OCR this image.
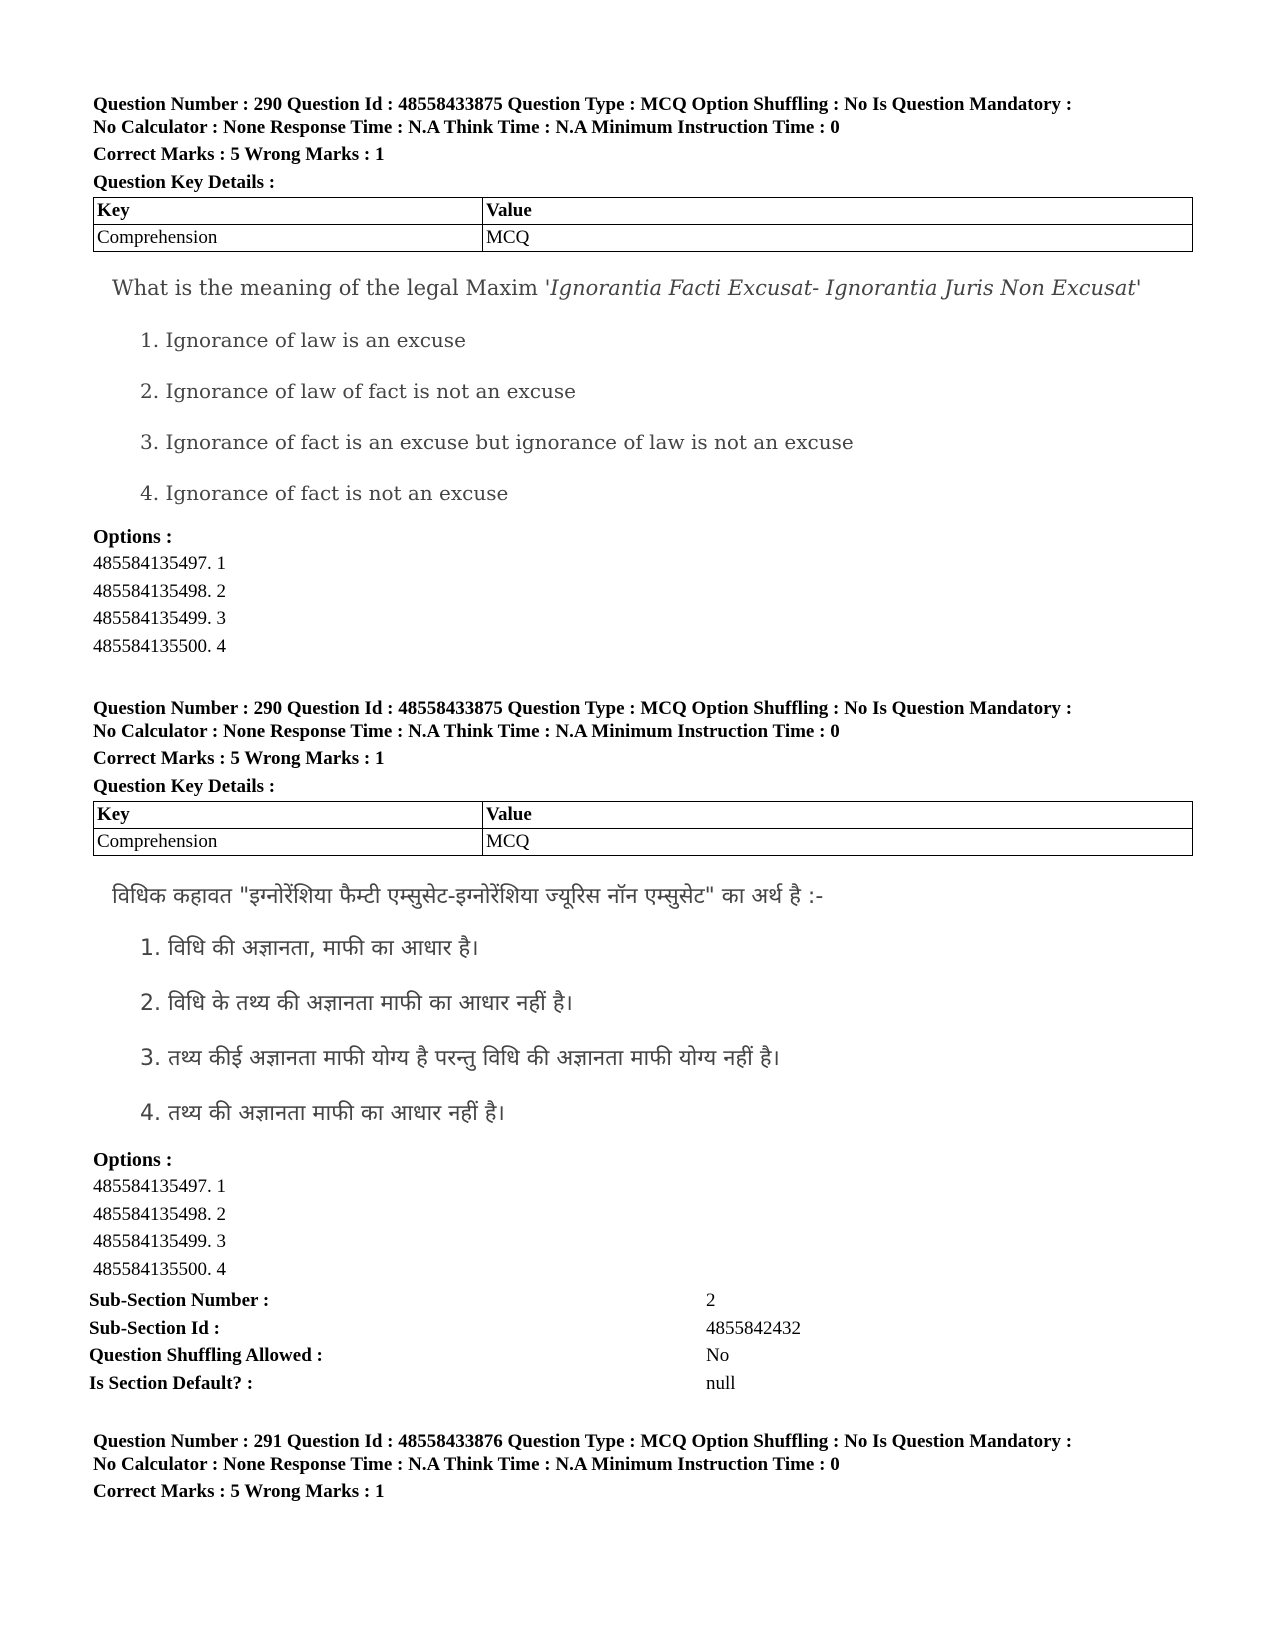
Question Number : 290 Question Id : 48558433875 Question Type : MCQ Option Shuffling : No Is Question Mandatory :

No Calculator : None Response Time : N.A Think Time : N.A Minimum Instruction Time : 0

Correct Marks : 5 Wrong Marks : 1
Question Key Details :
Key	Value
Comprehension	MCQ
What is the meaning of the legal Maxim 'Ignorantia Facti Excusat- Ignorantia Juris Non Excusat'
1. Ignorance of law is an excuse
2. Ignorance of law of fact is not an excuse
3. Ignorance of fact is an excuse but ignorance of law is not an excuse
4. Ignorance of fact is not an excuse
Options :
485584135497. 1
485584135498. 2
485584135499. 3
485584135500. 4

Question Number : 290 Question Id : 48558433875 Question Type : MCQ Option Shuffling : No Is Question Mandatory :

No Calculator : None Response Time : N.A Think Time : N.A Minimum Instruction Time : 0

Correct Marks : 5 Wrong Marks : 1
Question Key Details :
Key	Value
Comprehension	MCQ
विधिक कहावत "इग्नोरेंशिया फैम्टी एम्सुसेट-इग्नोरेंशिया ज्यूरिस नॉन एम्सुसेट" का अर्थ है :-
1. विधि की अज्ञानता, माफी का आधार है।
2. विधि के तथ्य की अज्ञानता माफी का आधार नहीं है।
3. तथ्य कीई अज्ञानता माफी योग्य है परन्तु विधि की अज्ञानता माफी योग्य नहीं है।
4. तथ्य की अज्ञानता माफी का आधार नहीं है।
Options :
485584135497. 1
485584135498. 2
485584135499. 3
485584135500. 4
Sub-Section Number :	2
Sub-Section Id :	4855842432
Question Shuffling Allowed :	No
Is Section Default? :	null

Question Number : 291 Question Id : 48558433876 Question Type : MCQ Option Shuffling : No Is Question Mandatory :

No Calculator : None Response Time : N.A Think Time : N.A Minimum Instruction Time : 0

Correct Marks : 5 Wrong Marks : 1
